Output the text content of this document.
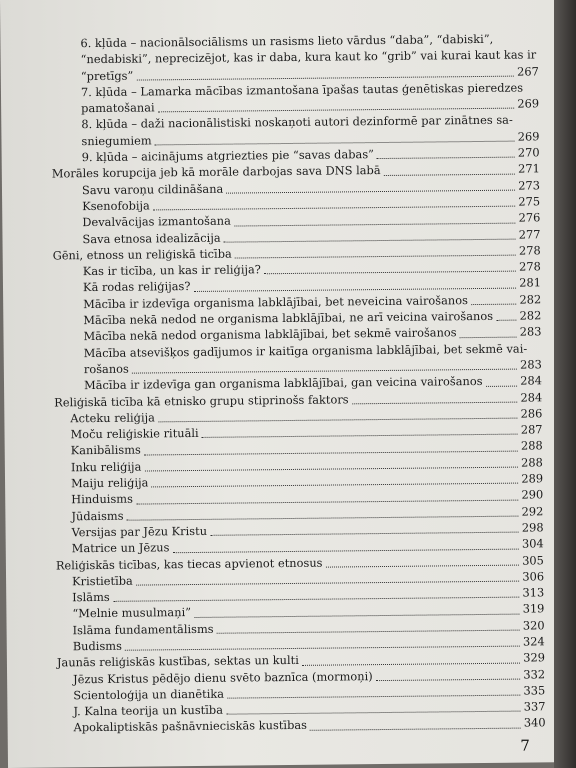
6. kļūda – nacionālsociālisms un rasisms lieto vārdus “daba”, “dabiski”,
“nedabiski”, neprecizējot, kas ir daba, kura kaut ko “grib” vai kurai kaut kas ir
“pretīgs”	267
7. kļūda – Lamarka mācības izmantošana īpašas tautas ģenētiskas pieredzes
pamatošanai	269
8. kļūda – daži nacionālistiski noskaņoti autori dezinformē par zinātnes sa-
sniegumiem	269
9. kļūda – aicinājums atgriezties pie “savas dabas”	270
Morāles korupcija jeb kā morāle darbojas sava DNS labā	271
Savu varoņu cildināšana	273
Ksenofobija	275
Devalvācijas izmantošana	276
Sava etnosa idealizācija	277
Gēni, etnoss un reliģiskā ticība	278
Kas ir ticība, un kas ir reliģija?	278
Kā rodas reliģijas?	281
Mācība ir izdevīga organisma labklājībai, bet neveicina vairošanos	282
Mācība nekā nedod ne organisma labklājībai, ne arī veicina vairošanos 282
Mācība nekā nedod organisma labklājībai, bet sekmē vairošanos	283
Mācība atsevišķos gadījumos ir kaitīga organisma labklājībai, bet sekmē vai-
rošanos	283
Mācība ir izdevīga gan organisma labklājībai, gan veicina vairošanos	284
Reliģiskā ticība kā etnisko grupu stiprinošs faktors	284
Acteku reliģija	286
Moču reliģiskie rituāli	287
Kanibālisms	288
Inku reliģija	288
Maiju reliģija	289
Hinduisms	290
Jūdaisms	292
Versijas par Jēzu Kristu	298
Matrice un Jēzus	304
Reliģiskās ticības, kas tiecas apvienot etnosus	305
Kristietība	306
Islāms	313
“Melnie musulmaņi”	319
Islāma fundamentālisms	320
Budisms	324
Jaunās reliģiskās kustības, sektas un kulti	329
Jēzus Kristus pēdējo dienu svēto baznīca (mormoņi)	332
Scientoloģija un dianētika	335
J. Kalna teorija un kustība	337
Apokaliptiskās pašnāvnieciskās kustības	340
7
